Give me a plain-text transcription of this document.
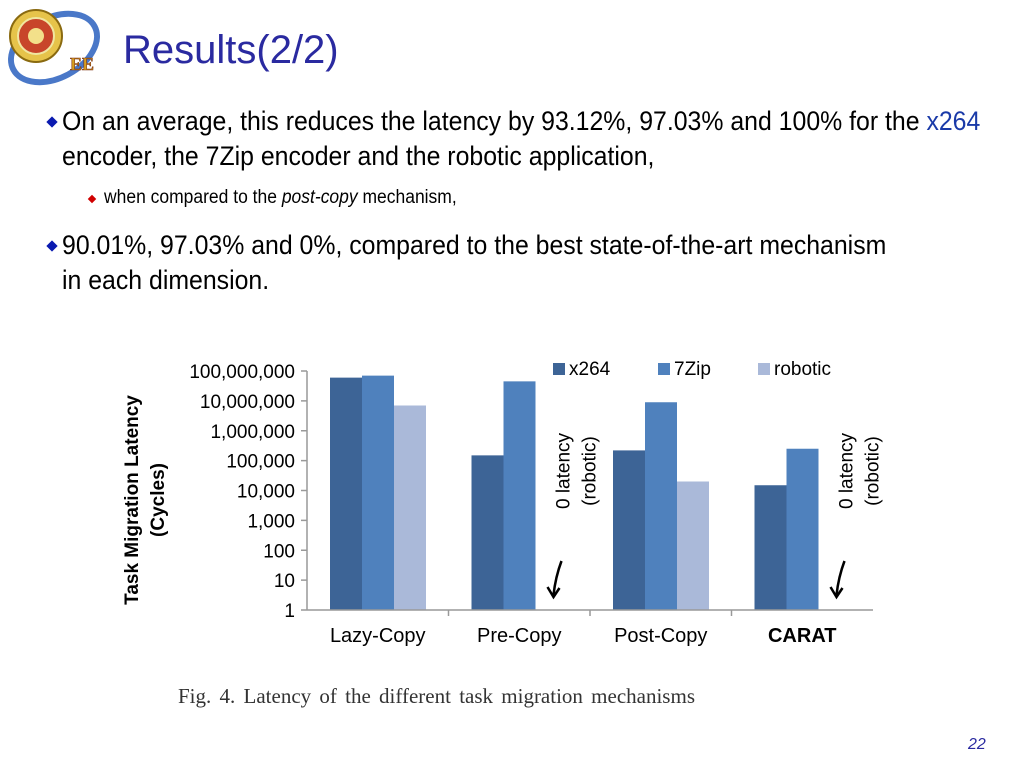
EE Results(2/2)
On an average, this reduces the latency by 93.12%, 97.03% and 100% for the x264 encoder, the 7Zip encoder and the robotic application,
when compared to the post-copy mechanism,
90.01%, 97.03% and 0%, compared to the best state-of-the-art mechanism in each dimension.
Task Migration Latency (Cycles)
1
10
100
1,000
10,000
100,000
1,000,000
10,000,000
100,000,000
Lazy-Copy	Pre-Copy	Post-Copy	CARAT
x264	7Zip	robotic
0 latency (robotic)	0 latency (robotic)
Fig. 4. Latency of the different task migration mechanisms
22
